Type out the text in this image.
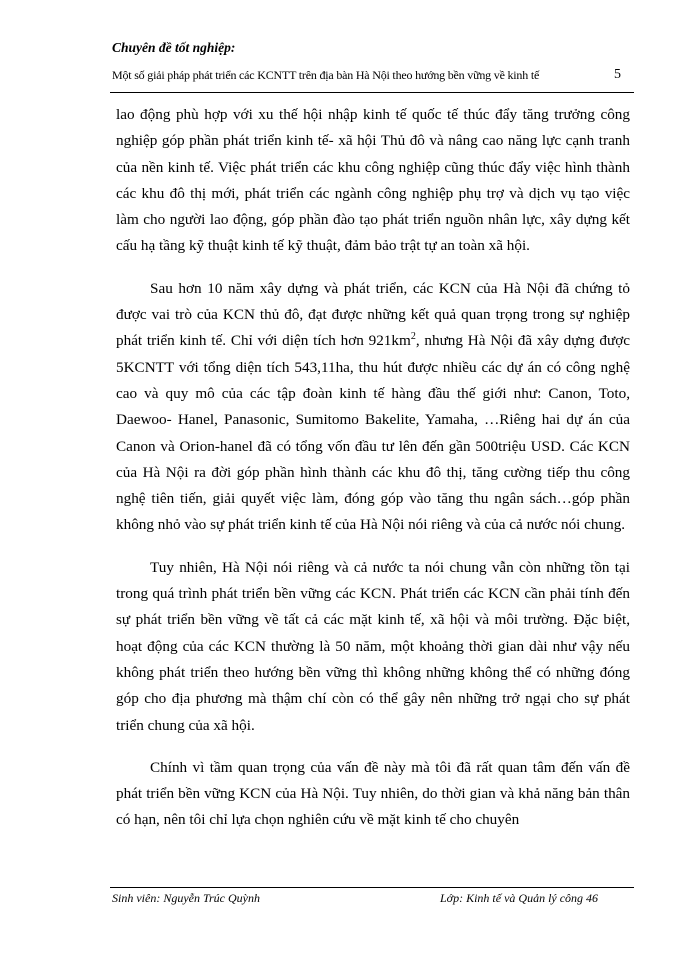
Chuyên đề tốt nghiệp:
Một số giải pháp phát triển các KCNTT trên địa bàn Hà Nội theo hướng bền vững về kinh tế	5

lao động phù hợp với xu thế hội nhập kinh tế quốc tế thúc đẩy tăng trưởng công nghiệp góp phần phát triển kinh tế- xã hội Thủ đô và nâng cao năng lực cạnh tranh của nền kinh tế. Việc phát triển các khu công nghiệp cũng thúc đẩy việc hình thành các khu đô thị mới, phát triển các ngành công nghiệp phụ trợ và dịch vụ tạo việc làm cho người lao động, góp phần đào tạo phát triển nguồn nhân lực, xây dựng kết cấu hạ tầng kỹ thuật kinh tế kỹ thuật, đảm bảo trật tự an toàn xã hội.

Sau hơn 10 năm xây dựng và phát triển, các KCN của Hà Nội đã chứng tỏ được vai trò của KCN thủ đô, đạt được những kết quả quan trọng trong sự nghiệp phát triển kinh tế. Chỉ với diện tích hơn $921km^2$, nhưng Hà Nội đã xây dựng được 5KCNTT với tổng diện tích 543,11ha, thu hút được nhiều các dự án có công nghệ cao và quy mô của các tập đoàn kinh tế hàng đầu thế giới như: Canon, Toto, Daewoo- Hanel, Panasonic, Sumitomo Bakelite, Yamaha, …Riêng hai dự án của Canon và Orion-hanel đã có tổng vốn đầu tư lên đến gần 500triệu USD. Các KCN của Hà Nội ra đời góp phần hình thành các khu đô thị, tăng cường tiếp thu công nghệ tiên tiến, giải quyết việc làm, đóng góp vào tăng thu ngân sách…góp phần không nhỏ vào sự phát triển kinh tế của Hà Nội nói riêng và của cả nước nói chung.

Tuy nhiên, Hà Nội nói riêng và cả nước ta nói chung vẫn còn những tồn tại trong quá trình phát triển bền vững các KCN. Phát triển các KCN cần phải tính đến sự phát triển bền vững về tất cả các mặt kinh tế, xã hội và môi trường. Đặc biệt, hoạt động của các KCN thường là 50 năm, một khoảng thời gian dài như vậy nếu không phát triển theo hướng bền vững thì không những không thể có những đóng góp cho địa phương mà thậm chí còn có thể gây nên những trở ngại cho sự phát triển chung của xã hội.

Chính vì tầm quan trọng của vấn đề này mà tôi đã rất quan tâm đến vấn đề phát triển bền vững KCN của Hà Nội. Tuy nhiên, do thời gian và khả năng bản thân có hạn, nên tôi chỉ lựa chọn nghiên cứu về mặt kinh tế cho chuyên

Sinh viên: Nguyễn Trúc Quỳnh	Lớp: Kinh tế và Quản lý công 46
